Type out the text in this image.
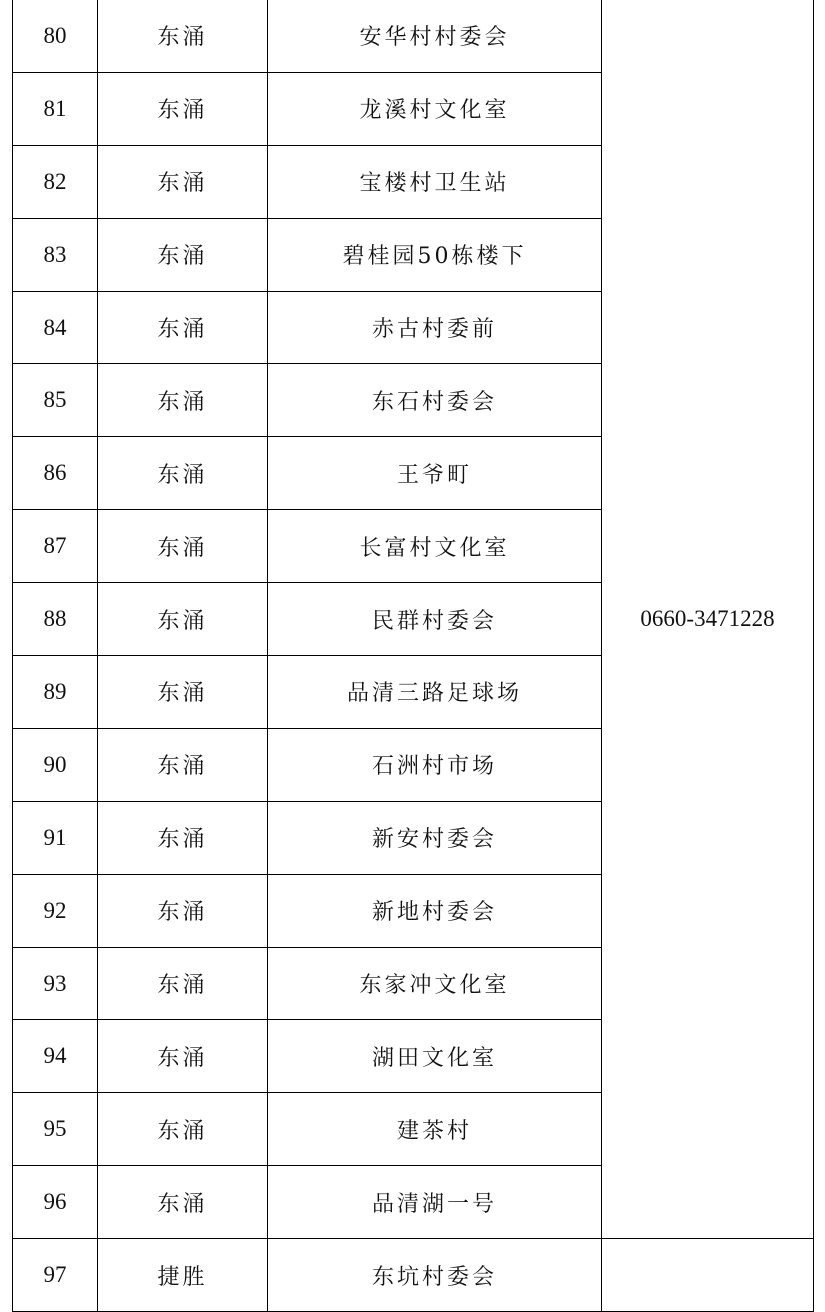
80	东涌	安华村村委会	0660-3471228
81	东涌	龙溪村文化室	
82	东涌	宝楼村卫生站	
83	东涌	碧桂园50栋楼下	
84	东涌	赤古村委前	
85	东涌	东石村委会	
86	东涌	王爷町	
87	东涌	长富村文化室	
88	东涌	民群村委会	
89	东涌	品清三路足球场	
90	东涌	石洲村市场	
91	东涌	新安村委会	
92	东涌	新地村委会	
93	东涌	东家冲文化室	
94	东涌	湖田文化室	
95	东涌	建茶村	
96	东涌	品清湖一号	
97	捷胜	东坑村委会	
